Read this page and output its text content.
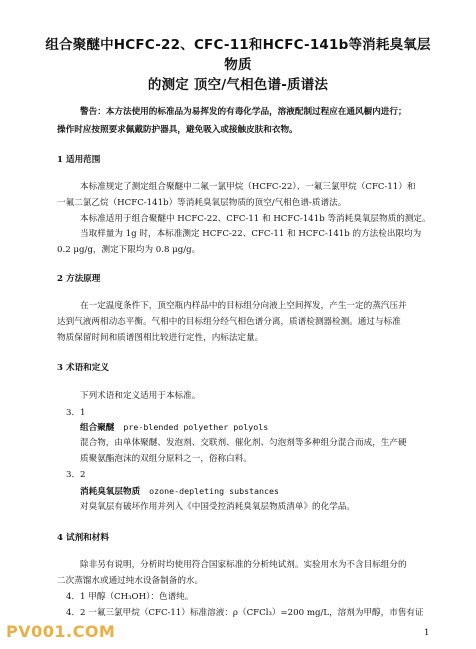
组合聚醚中HCFC-22、CFC-11和HCFC-141b等消耗臭氧层物质
的测定 顶空/气相色谱-质谱法
警告：本方法使用的标准品为易挥发的有毒化学品，溶液配制过程应在通风橱内进行；
操作时应按照要求佩戴防护器具，避免吸入或接触皮肤和衣物。
1 适用范围
本标准规定了测定组合聚醚中二氟一氯甲烷（HCFC-22）、一氟三氯甲烷（CFC-11）和
一氟二氯乙烷（HCFC-141b）等消耗臭氧层物质的顶空/气相色谱-质谱法。
本标准适用于组合聚醚中 HCFC-22、CFC-11 和 HCFC-141b 等消耗臭氧层物质的测定。
当取样量为 1g 时，本标准测定 HCFC-22、CFC-11 和 HCFC-141b 的方法检出限均为
0.2 μg/g，测定下限均为 0.8 μg/g。
2 方法原理
在一定温度条件下，顶空瓶内样品中的目标组分向液上空间挥发，产生一定的蒸汽压并
达到气液两相动态平衡。气相中的目标组分经气相色谱分离，质谱检测器检测。通过与标准
物质保留时间和质谱图相比较进行定性，内标法定量。
3 术语和定义
下列术语和定义适用于本标准。
3．1
组合聚醚 pre-blended polyether polyols
混合物，由单体聚醚、发泡剂、交联剂、催化剂、匀泡剂等多种组分混合而成，生产硬
质聚氨酯泡沫的双组分原料之一，俗称白料。
3．2
消耗臭氧层物质 ozone-depleting substances
对臭氧层有破坏作用并列入《中国受控消耗臭氧层物质清单》的化学品。
4 试剂和材料
除非另有说明，分析时均使用符合国家标准的分析纯试剂。实验用水为不含目标组分的
二次蒸馏水或通过纯水设备制备的水。
4．1 甲醇（CH₃OH）：色谱纯。
4．2 一氟三氯甲烷（CFC-11）标准溶液：ρ（CFCl₃）=200 mg/L，溶剂为甲醇，市售有证
PV001.COM	1
